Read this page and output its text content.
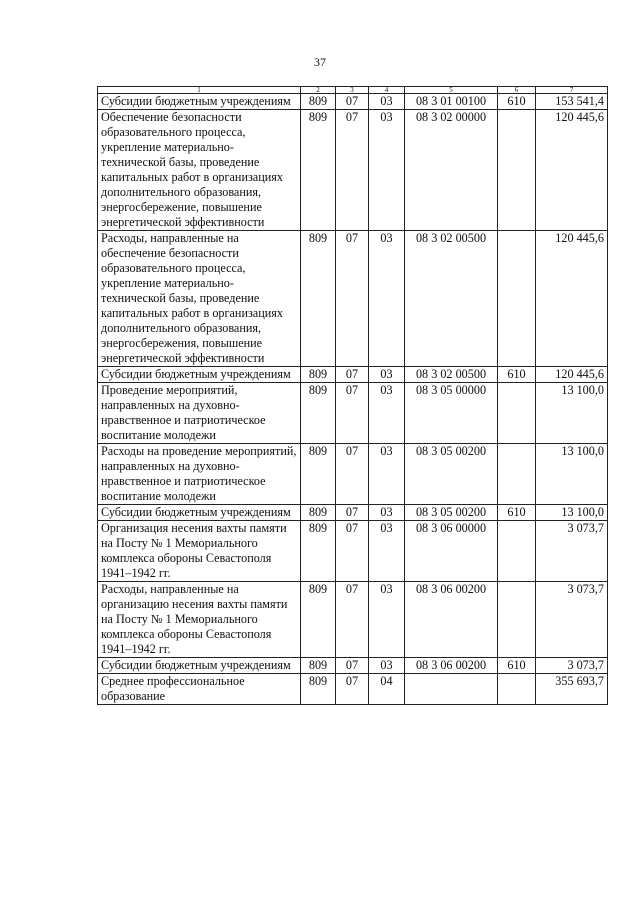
37
1	2	3	4	5	6	7
Субсидии бюджетным учреждениям	809	07	03	08 3 01 00100	610	153 541,4
Обеспечение безопасности образовательного процесса, укрепление материально-технической базы, проведение капитальных работ в организациях дополнительного образования, энергосбережение, повышение энергетической эффективности	809	07	03	08 3 02 00000		120 445,6
Расходы, направленные на обеспечение безопасности образовательного процесса, укрепление материально-технической базы, проведение капитальных работ в организациях дополнительного образования, энергосбережения, повышение энергетической эффективности	809	07	03	08 3 02 00500		120 445,6
Субсидии бюджетным учреждениям	809	07	03	08 3 02 00500	610	120 445,6
Проведение мероприятий, направленных на духовно-нравственное и патриотическое воспитание молодежи	809	07	03	08 3 05 00000		13 100,0
Расходы на проведение мероприятий, направленных на духовно-нравственное и патриотическое воспитание молодежи	809	07	03	08 3 05 00200		13 100,0
Субсидии бюджетным учреждениям	809	07	03	08 3 05 00200	610	13 100,0
Организация несения вахты памяти на Посту № 1 Мемориального комплекса обороны Севастополя 1941–1942 гг.	809	07	03	08 3 06 00000		3 073,7
Расходы, направленные на организацию несения вахты памяти на Посту № 1 Мемориального комплекса обороны Севастополя 1941–1942 гг.	809	07	03	08 3 06 00200		3 073,7
Субсидии бюджетным учреждениям	809	07	03	08 3 06 00200	610	3 073,7
Среднее профессиональное образование	809	07	04			355 693,7
